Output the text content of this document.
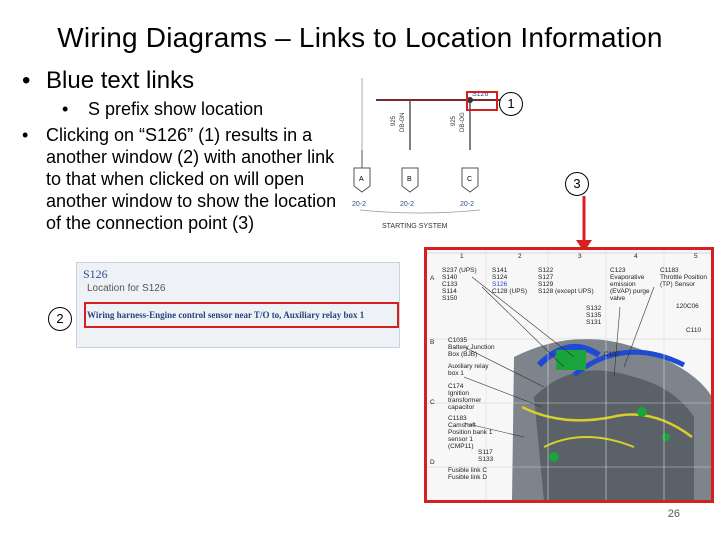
Wiring Diagrams – Links to Location Information
• Blue text links
• S prefix show location
• Clicking on “S126” (1) results in a another window (2) with another link to that when clicked on will open another window to show the location of the connection point (3)
925 DB-GN	925 DB-OG
A	B	C
20-2	20-2	20-2
STARTING SYSTEM
S126
1
3
S126
Location for S126
Wiring harness-Engine control sensor near T/O to, Auxiliary relay box 1
2
1	2	3	4	5
A
B
C
D
S237 (UPS)
S140
C133
S114
S150
S141
S124
S126
C128 (UPS)
S122
S127
S129
S128 (except UPS)
C123
Evaporative emission (EVAP) purge valve
C1183
Throttle Position (TP) Sensor
S132
S135
S131
C107
C1035
Battery Junction Box (BJB)
Auxiliary relay box 1
C174
Ignition transformer capacitor
C1183
Camshaft Position bank 1 sensor 1 (CMP11)
S117
S133
Fusible link C
Fusible link D
C110
120C06
26
